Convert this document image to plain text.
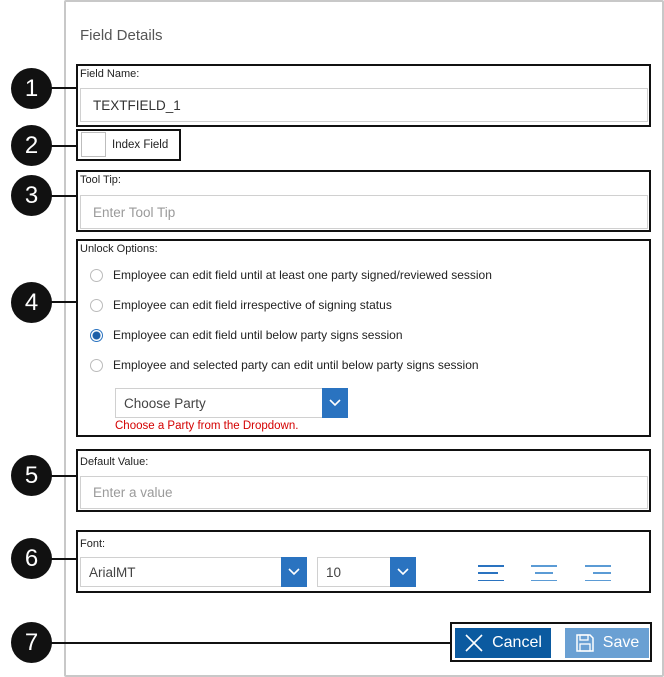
Field Details
1
2
3
4
5
6
7
Field Name:
TEXTFIELD_1
Index Field
Tool Tip:
Enter Tool Tip
Unlock Options:
Employee can edit field until at least one party signed/reviewed session
Employee can edit field irrespective of signing status
Employee can edit field until below party signs session
Employee and selected party can edit until below party signs session
Choose Party
Choose a Party from the Dropdown.
Default Value:
Enter a value
Font:
ArialMT	10
Cancel	Save
